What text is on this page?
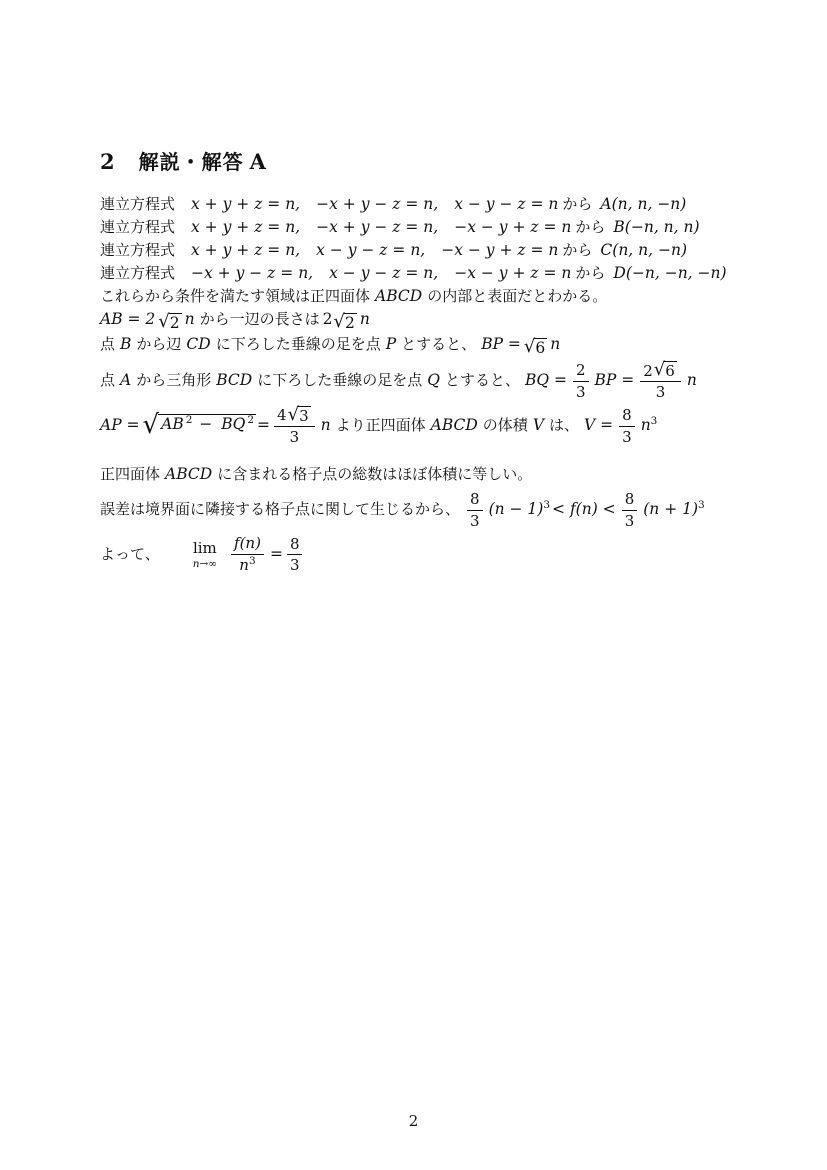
2 解説・解答 A
連立方程式 x + y + z = n, −x + y − z = n, x − y − z = n から A(n, n, −n)
連立方程式 x + y + z = n, −x + y − z = n, −x − y + z = n から B(−n, n, n)
連立方程式 x + y + z = n, x − y − z = n, −x − y + z = n から C(n, n, −n)
連立方程式 −x + y − z = n, x − y − z = n, −x − y + z = n から D(−n, −n, −n)
これらから条件を満たす領域は正四面体 ABCD の内部と表面だとわかる。
AB = 2 √ 2 n から一辺の長さは 2 √ 2 n
点 B から辺 CD に下ろした垂線の足を点 P とすると、 BP = √ 6 n
点 A から三角形 BCD に下ろした垂線の足を点 Q とすると、 BQ = $\frac{2}{3}$ BP = $\frac{2 √ 6}{3}$ n
AP = √ AB $^2$ − BQ $^2 = \frac{4 √ 3}{3}$ n より正四面体 ABCD の体積 V は、 $V = \frac{8}{3} n^3$
正四面体 ABCD に含まれる格子点の総数はほぼ体積に等しい。
誤差は境界面に隣接する格子点に関して生じるから、 $\frac{8}{3} (n - 1)^3 < f(n) < \frac{8}{3} (n + 1)^3$
よって、 lim
$n\to\infty \frac{f(n)}{n^3} = \frac{8}{3}$
2
